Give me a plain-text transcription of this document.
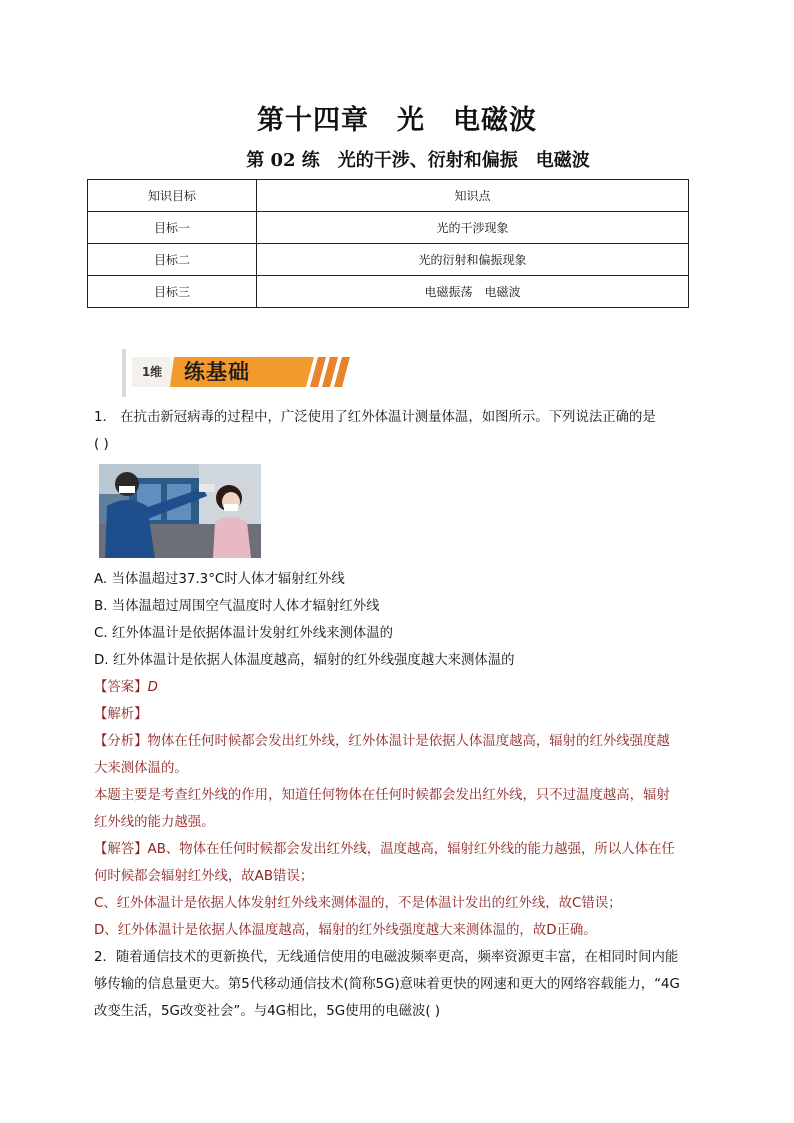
第十四章　光　电磁波
第 02 练　光的干涉、衍射和偏振　电磁波
知识目标	知识点
目标一	光的干涉现象
目标二	光的衍射和偏振现象
目标三	电磁振荡　电磁波
1维	练基础

1． 在抗击新冠病毒的过程中，广泛使用了红外体温计测量体温，如图所示。下列说法正确的是

( )

A. 当体温超过37.3°C时人体才辐射红外线

B. 当体温超过周围空气温度时人体才辐射红外线

C. 红外体温计是依据体温计发射红外线来测体温的

D. 红外体温计是依据人体温度越高，辐射的红外线强度越大来测体温的

【答案】D

【解析】

【分析】物体在任何时候都会发出红外线，红外体温计是依据人体温度越高，辐射的红外线强度越

大来测体温的。

本题主要是考查红外线的作用，知道任何物体在任何时候都会发出红外线，只不过温度越高，辐射

红外线的能力越强。

【解答】AB、物体在任何时候都会发出红外线，温度越高，辐射红外线的能力越强，所以人体在任

何时候都会辐射红外线，故AB错误；

C、红外体温计是依据人体发射红外线来测体温的，不是体温计发出的红外线，故C错误；

D、红外体温计是依据人体温度越高，辐射的红外线强度越大来测体温的，故D正确。

2．随着通信技术的更新换代，无线通信使用的电磁波频率更高，频率资源更丰富，在相同时间内能

够传输的信息量更大。第5代移动通信技术(简称5G)意味着更快的网速和更大的网络容载能力，“4G

改变生活，5G改变社会”。与4G相比，5G使用的电磁波( )
